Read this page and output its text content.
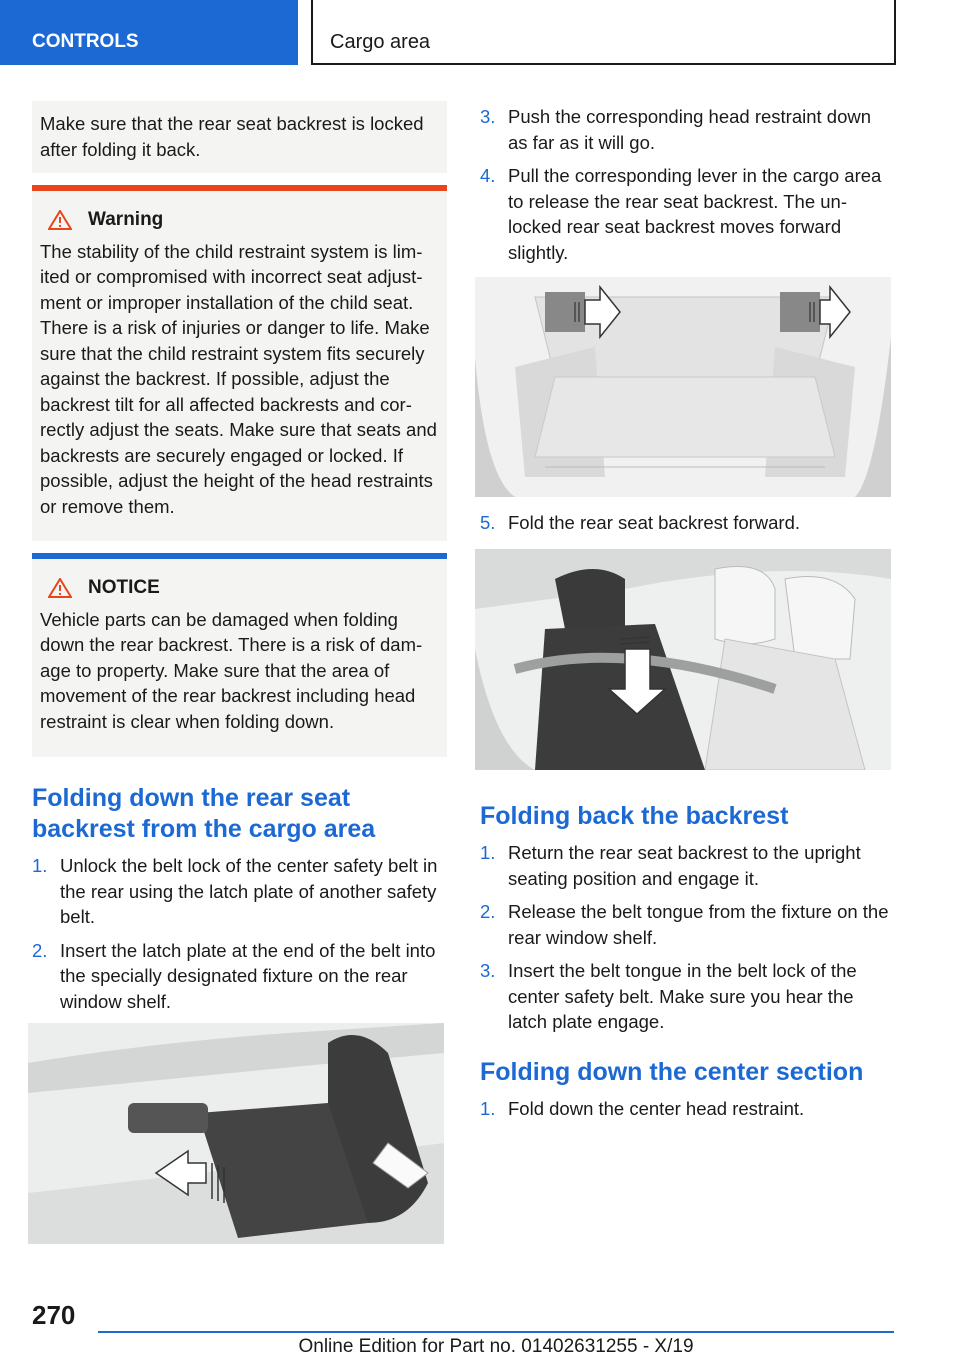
CONTROLS	Cargo area
Make sure that the rear seat backrest is locked after folding it back.
Warning
The stability of the child restraint system is limited or compromised with incorrect seat adjustment or improper installation of the child seat. There is a risk of injuries or danger to life. Make sure that the child restraint system fits securely against the backrest. If possible, adjust the backrest tilt for all affected backrests and correctly adjust the seats. Make sure that seats and backrests are securely engaged or locked. If possible, adjust the height of the head restraints or remove them.
NOTICE
Vehicle parts can be damaged when folding down the rear backrest. There is a risk of damage to property. Make sure that the area of movement of the rear backrest including head restraint is clear when folding down.
Folding down the rear seat backrest from the cargo area
1. Unlock the belt lock of the center safety belt in the rear using the latch plate of another safety belt.
2. Insert the latch plate at the end of the belt into the specially designated fixture on the rear window shelf.
3. Push the corresponding head restraint down as far as it will go.
4. Pull the corresponding lever in the cargo area to release the rear seat backrest. The unlocked rear seat backrest moves forward slightly.
5. Fold the rear seat backrest forward.
Folding back the backrest
1. Return the rear seat backrest to the upright seating position and engage it.
2. Release the belt tongue from the fixture on the rear window shelf.
3. Insert the belt tongue in the belt lock of the center safety belt. Make sure you hear the latch plate engage.
Folding down the center section
1. Fold down the center head restraint.
270
Online Edition for Part no. 01402631255 - X/19
